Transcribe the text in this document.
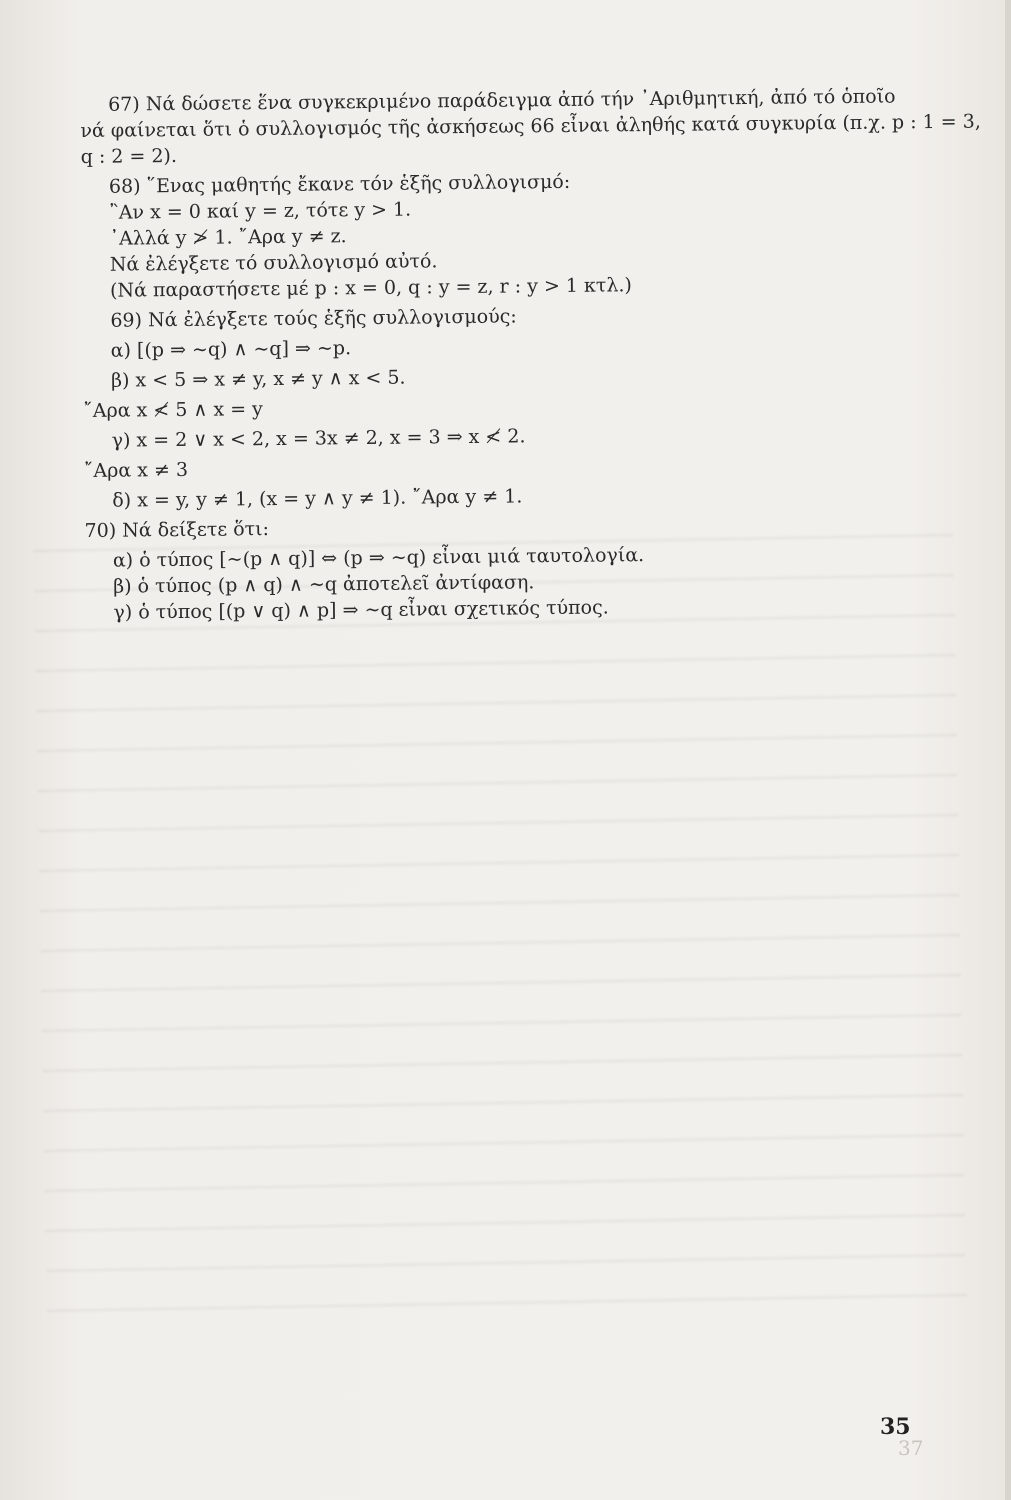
67) Νά δώσετε ἕνα συγκεκριμένο παράδειγμα ἀπό τήν ᾿Αριθμητική, ἀπό τό ὁποῖο

νά φαίνεται ὅτι ὁ συλλογισμός τῆς ἀσκήσεως 66 εἶναι ἀληθής κατά συγκυρία (π.χ. p : 1 = 3,

q : 2 = 2).

68) ῞Ενας μαθητής ἔκανε τόν ἑξῆς συλλογισμό:

῍Αν x = 0 καί y = z, τότε y > 1.

᾿Αλλά y ≯ 1. ῎Αρα y ≠ z.

Νά ἐλέγξετε τό συλλογισμό αὐτό.

(Νά παραστήσετε μέ p : x = 0, q : y = z, r : y > 1 κτλ.)

69) Νά ἐλέγξετε τούς ἑξῆς συλλογισμούς:

α) [(p ⇒ ~q) ∧ ~q] ⇒ ~p.

β) x < 5 ⇒ x ≠ y, x ≠ y ∧ x < 5.

῎Αρα x ≮ 5 ∧ x = y

γ) x = 2 ∨ x < 2, x = 3x ≠ 2, x = 3 ⇒ x ≮ 2.

῎Αρα x ≠ 3

δ) x = y, y ≠ 1, (x = y ∧ y ≠ 1). ῎Αρα y ≠ 1.

70) Νά δείξετε ὅτι:

α) ὁ τύπος [~(p ∧ q)] ⇔ (p ⇒ ~q) εἶναι μιά ταυτολογία.

β) ὁ τύπος (p ∧ q) ∧ ~q ἀποτελεῖ ἀντίφαση.

γ) ὁ τύπος [(p ∨ q) ∧ p] ⇒ ~q εἶναι σχετικός τύπος.

35
37
